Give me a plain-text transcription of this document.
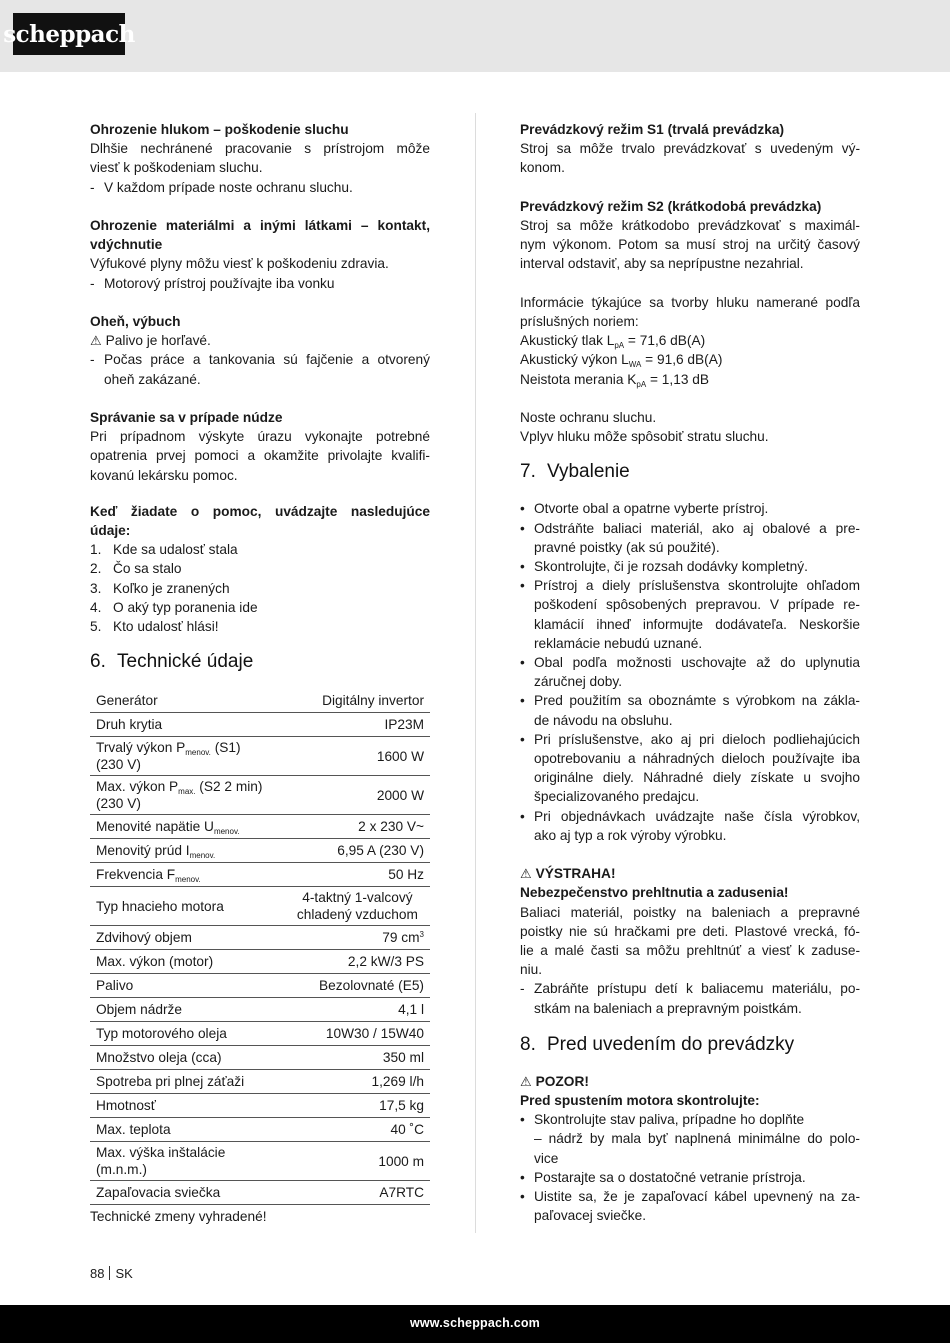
scheppach

Ohrozenie hlukom – poškodenie sluchu

Dlhšie nechránené pracovanie s prístrojom môže

viesť k poškodeniam sluchu.

- V každom prípade noste ochranu sluchu.

Ohrozenie materiálmi a inými látkami – kontakt,

vdýchnutie

Výfukové plyny môžu viesť k poškodeniu zdravia.

- Motorový prístroj používajte iba vonku

Oheň, výbuch

⚠ Palivo je horľavé.

- Počas práce a tankovania sú fajčenie a otvorený
oheň zakázané.

Správanie sa v prípade núdze

Pri prípadnom výskyte úrazu vykonajte potrebné

opatrenia prvej pomoci a okamžite privolajte kvalifi-

kovanú lekársku pomoc.

Keď žiadate o pomoc, uvádzajte nasledujúce

údaje:

1. Kde sa udalosť stala
2. Čo sa stalo
3. Koľko je zranených
4. O aký typ poranenia ide
5. Kto udalosť hlási!

6. Technické údaje

Generátor	Digitálny invertor
Druh krytia	IP23M
Trvalý výkon $P_{menov.}$ (S1)
(230 V)	1600 W
Max. výkon $P_{max.}$ (S2 2 min)
(230 V)	2000 W
Menovité napätie $U_{menov.}$	2 x 230 V~
Menovitý prúd $I_{menov.}$	6,95 A (230 V)
Frekvencia $F_{menov.}$	50 Hz
Typ hnacieho motora	4-taktný 1-valcový
chladený vzduchom
Zdvihový objem	79 $cm^3$
Max. výkon (motor)	2,2 kW/3 PS
Palivo	Bezolovnaté (E5)
Objem nádrže	4,1 l
Typ motorového oleja	10W30 / 15W40
Množstvo oleja (cca)	350 ml
Spotreba pri plnej záťaži	1,269 l/h
Hmotnosť	17,5 kg
Max. teplota	40 ˚C
Max. výška inštalácie
(m.n.m.)	1000 m
Zapaľovacia sviečka	A7RTC

Technické zmeny vyhradené!

Prevádzkový režim S1 (trvalá prevádzka)

Stroj sa môže trvalo prevádzkovať s uvedeným vý-

konom.

Prevádzkový režim S2 (krátkodobá prevádzka)

Stroj sa môže krátkodobo prevádzkovať s maximál-

nym výkonom. Potom sa musí stroj na určitý časový

interval odstaviť, aby sa neprípustne nezahrial.

Informácie týkajúce sa tvorby hluku namerané podľa

príslušných noriem:

Akustický tlak $L_{pA} = 71,6$ dB(A)

Akustický výkon $L_{WA} = 91,6$ dB(A)

Neistota merania $K_{pA} = 1,13$ dB

Noste ochranu sluchu.

Vplyv hluku môže spôsobiť stratu sluchu.

7. Vybalenie

• Otvorte obal a opatrne vyberte prístroj.
• Odstráňte baliaci materiál, ako aj obalové a pre-
pravné poistky (ak sú použité).
• Skontrolujte, či je rozsah dodávky kompletný.
• Prístroj a diely príslušenstva skontrolujte ohľadom
poškodení spôsobených prepravou. V prípade re-
klamácií ihneď informujte dodávateľa. Neskoršie
reklamácie nebudú uznané.
• Obal podľa možnosti uschovajte až do uplynutia
záručnej doby.
• Pred použitím sa oboznámte s výrobkom na zákla-
de návodu na obsluhu.
• Pri príslušenstve, ako aj pri dieloch podliehajúcich
opotrebovaniu a náhradných dieloch používajte iba
originálne diely. Náhradné diely získate u svojho
špecializovaného predajcu.
• Pri objednávkach uvádzajte naše čísla výrobkov,
ako aj typ a rok výroby výrobku.

⚠ VÝSTRAHA!

Nebezpečenstvo prehltnutia a zadusenia!

Baliaci materiál, poistky na baleniach a prepravné

poistky nie sú hračkami pre deti. Plastové vrecká, fó-

lie a malé časti sa môžu prehltnúť a viesť k zaduse-

niu.

- Zabráňte prístupu detí k baliacemu materiálu, po-
stkám na baleniach a prepravným poistkám.

8. Pred uvedením do prevádzky

⚠ POZOR!

Pred spustením motora skontrolujte:

• Skontrolujte stav paliva, prípadne ho doplňte
– nádrž by mala byť naplnená minimálne do polo-
vice
• Postarajte sa o dostatočné vetranie prístroja.
• Uistite sa, že je zapaľovací kábel upevnený na za-
paľovacej sviečke.
88 SK
www.scheppach.com
